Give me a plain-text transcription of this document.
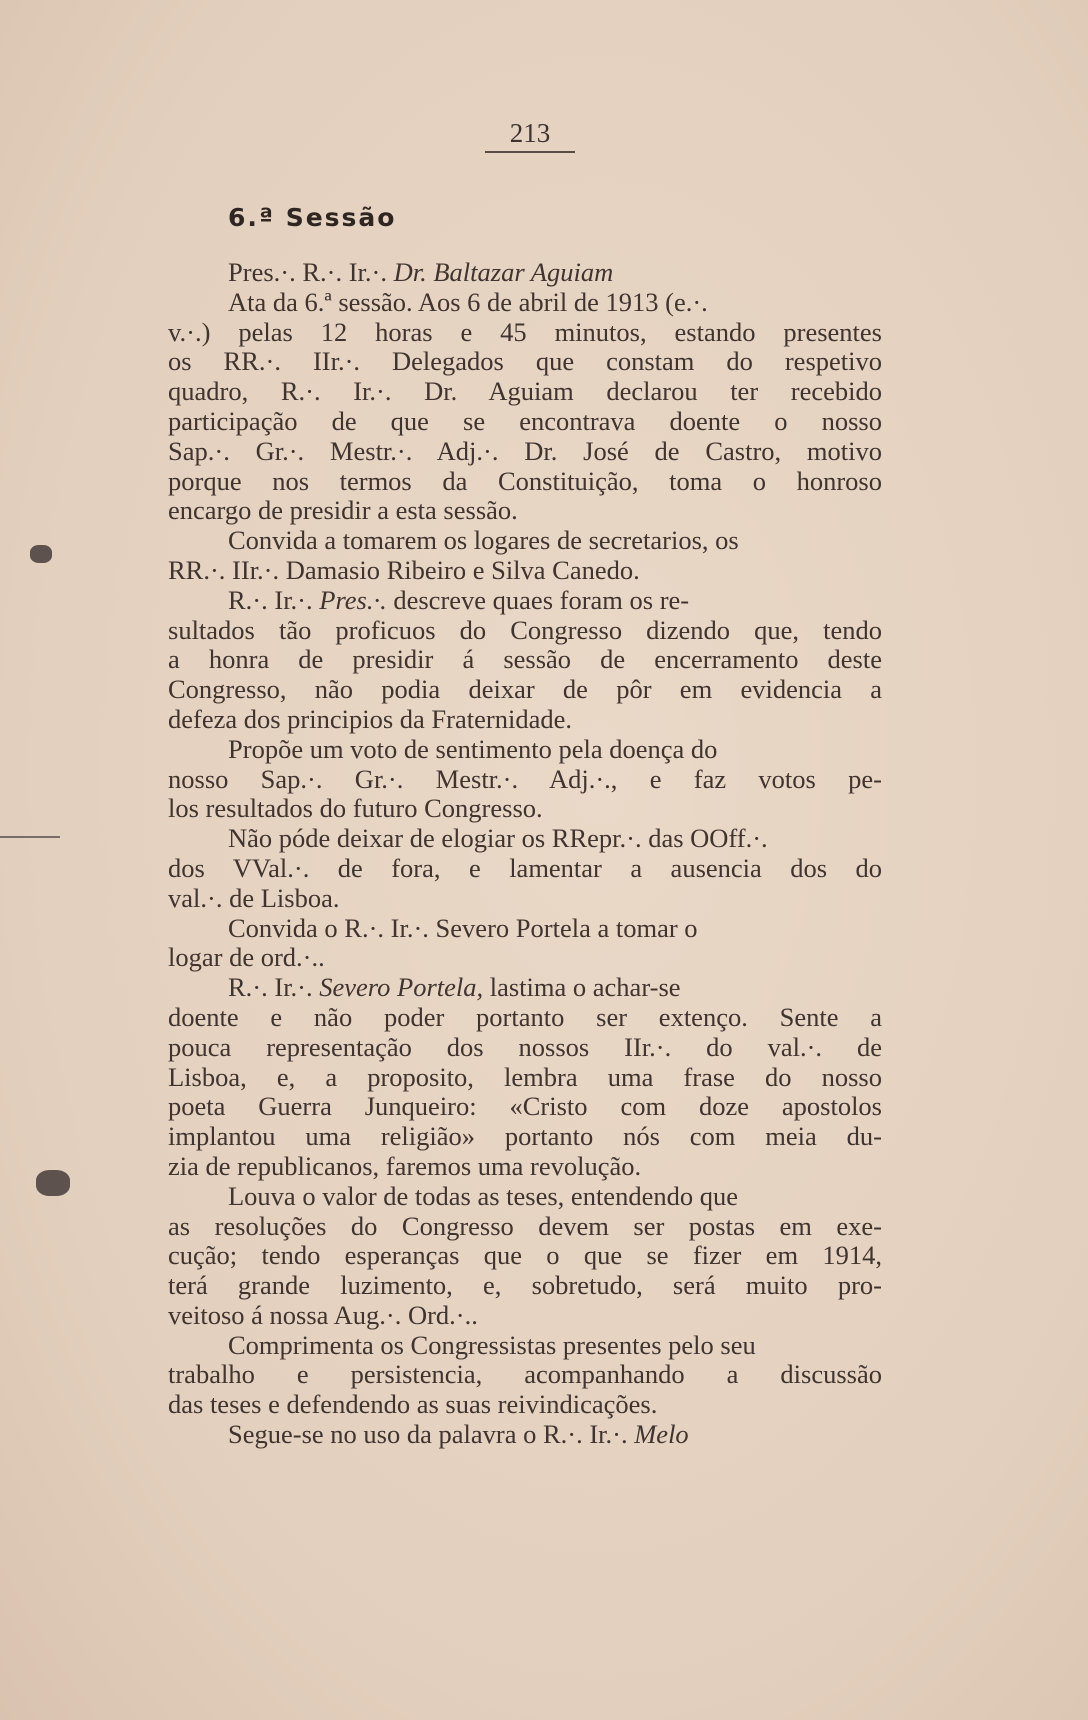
213
6.ª Sessão
Pres.·. R.·. Ir.·. Dr. Baltazar Aguiam
Ata da 6.ª sessão. Aos 6 de abril de 1913 (e.·.
v.·.) pelas 12 horas e 45 minutos, estando presentes
os RR.·. IIr.·. Delegados que constam do respetivo
quadro, R.·. Ir.·. Dr. Aguiam declarou ter recebido
participação de que se encontrava doente o nosso
Sap.·. Gr.·. Mestr.·. Adj.·. Dr. José de Castro, motivo
porque nos termos da Constituição, toma o honroso
encargo de presidir a esta sessão.
Convida a tomarem os logares de secretarios, os
RR.·. IIr.·. Damasio Ribeiro e Silva Canedo.
R.·. Ir.·. Pres.·. descreve quaes foram os re-
sultados tão proficuos do Congresso dizendo que, tendo
a honra de presidir á sessão de encerramento deste
Congresso, não podia deixar de pôr em evidencia a
defeza dos principios da Fraternidade.
Propõe um voto de sentimento pela doença do
nosso Sap.·. Gr.·. Mestr.·. Adj.·., e faz votos pe-
los resultados do futuro Congresso.
Não póde deixar de elogiar os RRepr.·. das OOff.·.
dos VVal.·. de fora, e lamentar a ausencia dos do
val.·. de Lisboa.
Convida o R.·. Ir.·. Severo Portela a tomar o
logar de ord.·..
R.·. Ir.·. Severo Portela, lastima o achar-se
doente e não poder portanto ser extenço. Sente a
pouca representação dos nossos IIr.·. do val.·. de
Lisboa, e, a proposito, lembra uma frase do nosso
poeta Guerra Junqueiro: «Cristo com doze apostolos
implantou uma religião» portanto nós com meia du-
zia de republicanos, faremos uma revolução.
Louva o valor de todas as teses, entendendo que
as resoluções do Congresso devem ser postas em exe-
cução; tendo esperanças que o que se fizer em 1914,
terá grande luzimento, e, sobretudo, será muito pro-
veitoso á nossa Aug.·. Ord.·..
Comprimenta os Congressistas presentes pelo seu
trabalho e persistencia, acompanhando a discussão
das teses e defendendo as suas reivindicações.
Segue-se no uso da palavra o R.·. Ir.·. Melo
